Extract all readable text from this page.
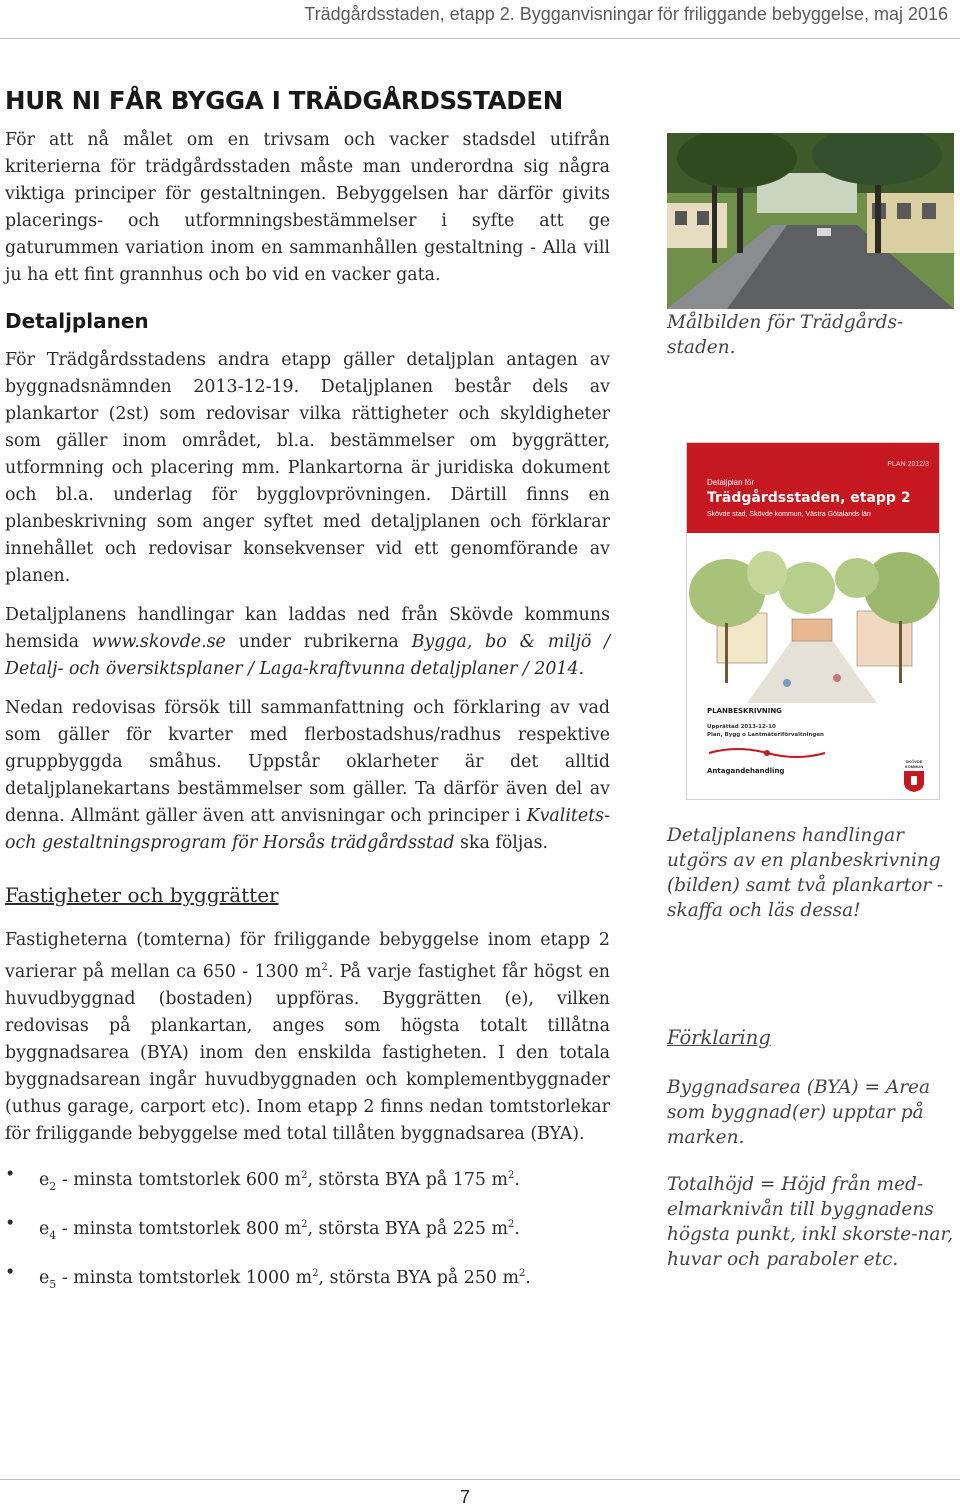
Trädgårdsstaden, etapp 2. Bygganvisningar för friliggande bebyggelse, maj 2016
HUR NI FÅR BYGGA I TRÄDGÅRDSSTADEN

För att nå målet om en trivsam och vacker stadsdel utifrån kriterierna för trädgårdsstaden måste man underordna sig några viktiga principer för gestaltningen. Bebyggelsen har därför givits placerings- och utformningsbestämmelser i syfte att ge gaturummen variation inom en sammanhållen gestaltning - Alla vill ju ha ett fint grannhus och bo vid en vacker gata.

Detaljplanen

För Trädgårdsstadens andra etapp gäller detaljplan antagen av byggnadsnämnden 2013-12-19. Detaljplanen består dels av plankartor (2st) som redovisar vilka rättigheter och skyldigheter som gäller inom området, bl.a. bestämmelser om byggrätter, utformning och placering mm. Plankartorna är juridiska dokument och bl.a. underlag för bygglovprövningen. Därtill finns en planbeskrivning som anger syftet med detaljplanen och förklarar innehållet och redovisar konsekvenser vid ett genomförande av planen.

Detaljplanens handlingar kan laddas ned från Skövde kommuns hemsida www.skovde.se under rubrikerna Bygga, bo & miljö / Detalj- och översiktsplaner / Laga-kraftvunna detaljplaner / 2014.

Nedan redovisas försök till sammanfattning och förklaring av vad som gäller för kvarter med flerbostadshus/radhus respektive gruppbyggda småhus. Uppstår oklarheter är det alltid detaljplanekartans bestämmelser som gäller. Ta därför även del av denna. Allmänt gäller även att anvisningar och principer i Kvalitets- och gestaltningsprogram för Horsås trädgårdsstad ska följas.

Fastigheter och byggrätter

Fastigheterna (tomterna) för friliggande bebyggelse inom etapp 2 varierar på mellan ca 650 - 1300 $m^2$. På varje fastighet får högst en huvudbyggnad (bostaden) uppföras. Byggrätten (e), vilken redovisas på plankartan, anges som högsta totalt tillåtna byggnadsarea (BYA) inom den enskilda fastigheten. I den totala byggnadsarean ingår huvudbyggnaden och komplementbyggnader (uthus garage, carport etc). Inom etapp 2 finns nedan tomtstorlekar för friliggande bebyggelse med total tillåten byggnadsarea (BYA).

• $e_2$ - minsta tomtstorlek 600 $m^2$, största BYA på 175 $m^2$.
• $e_4$ - minsta tomtstorlek 800 $m^2$, största BYA på 225 $m^2$.
• $e_5$ - minsta tomtstorlek 1000 $m^2$, största BYA på 250 $m^2$.
Målbilden för Trädgårds-staden.
PLAN 2012/3
Detaljplan för
Trädgårdsstaden, etapp 2
Skövde stad, Skövde kommun, Västra Götalands län
PLANBESKRIVNING
Upprättad 2013-12-10
Plan, Bygg o Lantmäteriförvaltningen
Antagandehandling
SKÖVDE KOMMUN
Detaljplanens handlingar utgörs av en planbeskrivning (bilden) samt två plankartor - skaffa och läs dessa!
Förklaring
Byggnadsarea (BYA) = Area som byggnad(er) upptar på marken.
Totalhöjd = Höjd från med-elmarknivån till byggnadens högsta punkt, inkl skorste-nar, huvar och paraboler etc.
7
